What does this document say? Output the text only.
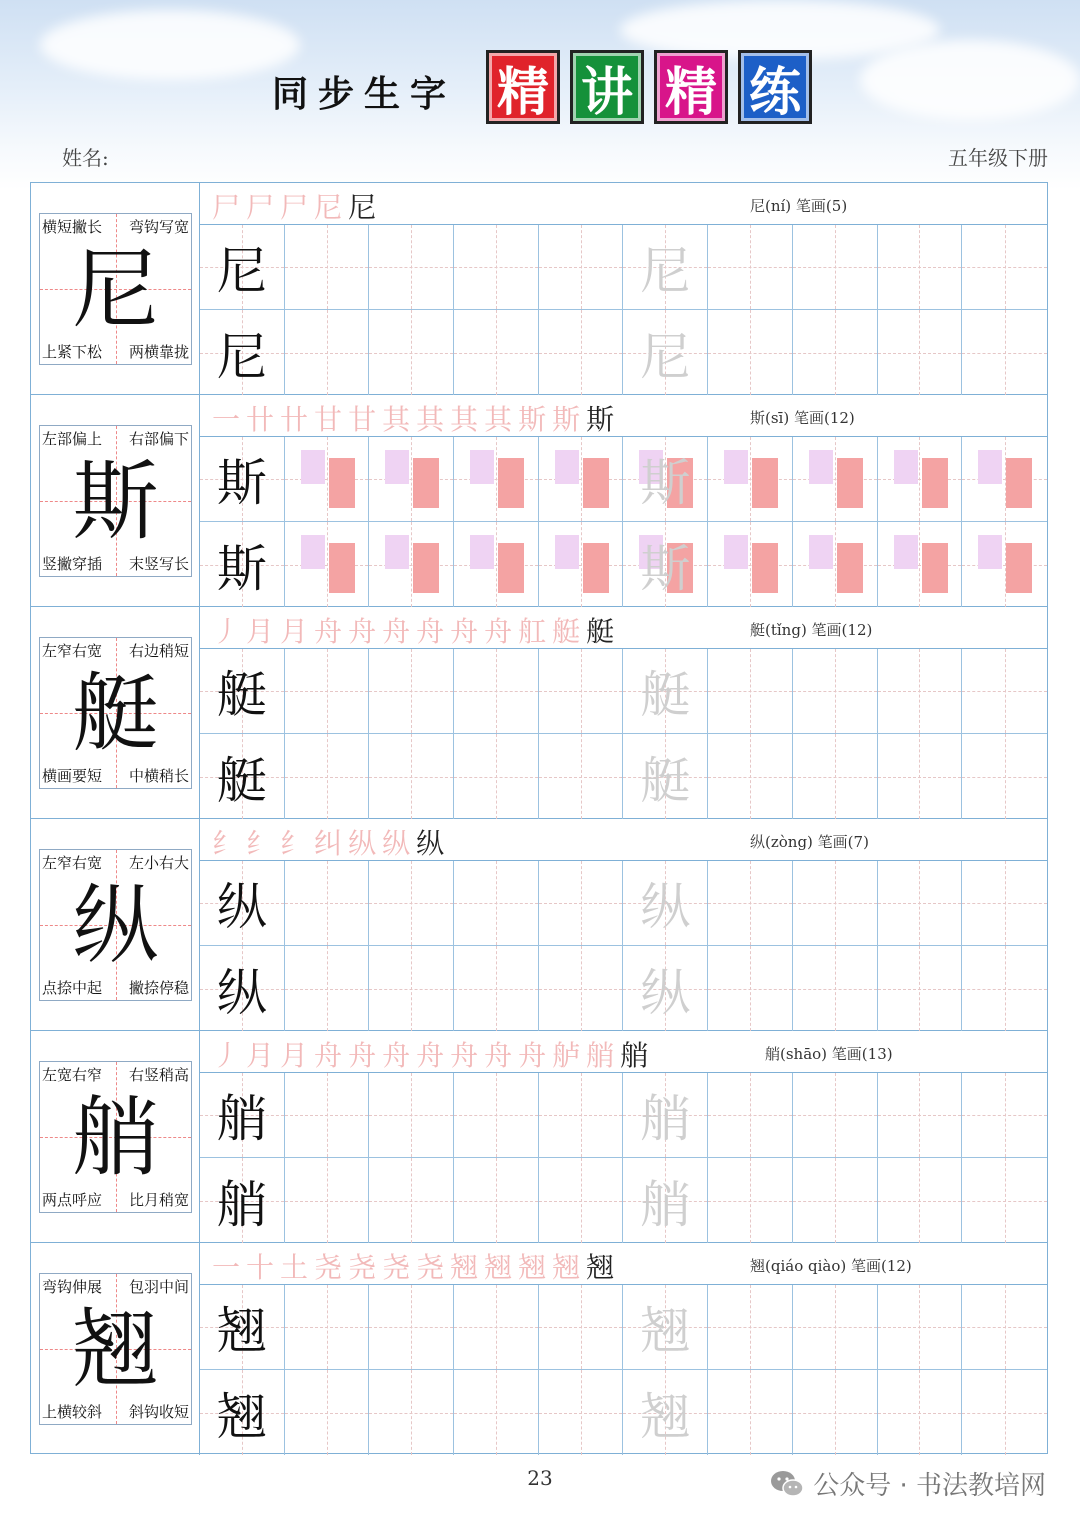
同步生字 精 讲 精 练
姓名:	五年级下册
横短撇长 弯钩写宽
上紧下松 两横靠拢
尼
尸尸尸尼尼	尼(ní) 笔画(5)
尼	尼
尼	尼
左部偏上 右部偏下
竖撇穿插 末竖写长
斯
一卄卄甘甘其其其其斯斯斯	斯(sī) 笔画(12)
斯	斯
斯	斯
左窄右宽 右边稍短
横画要短 中横稍长
艇
丿月月舟舟舟舟舟舟舡艇艇	艇(tǐng) 笔画(12)
艇	艇
艇	艇
左窄右宽 左小右大
点捺中起 撇捺停稳
纵
纟纟纟纠纵纵纵	纵(zòng) 笔画(7)
纵	纵
纵	纵
左宽右窄 右竖稍高
两点呼应 比月稍宽
艄
丿月月舟舟舟舟舟舟舟舻艄艄	艄(shāo) 笔画(13)
艄	艄
艄	艄
弯钩伸展 包羽中间
上横较斜 斜钩收短
翘
一十土尧尧尧尧翘翘翘翘翘	翘(qiáo qiào) 笔画(12)
翘	翘
翘	翘
23	公众号 · 书法教培网
